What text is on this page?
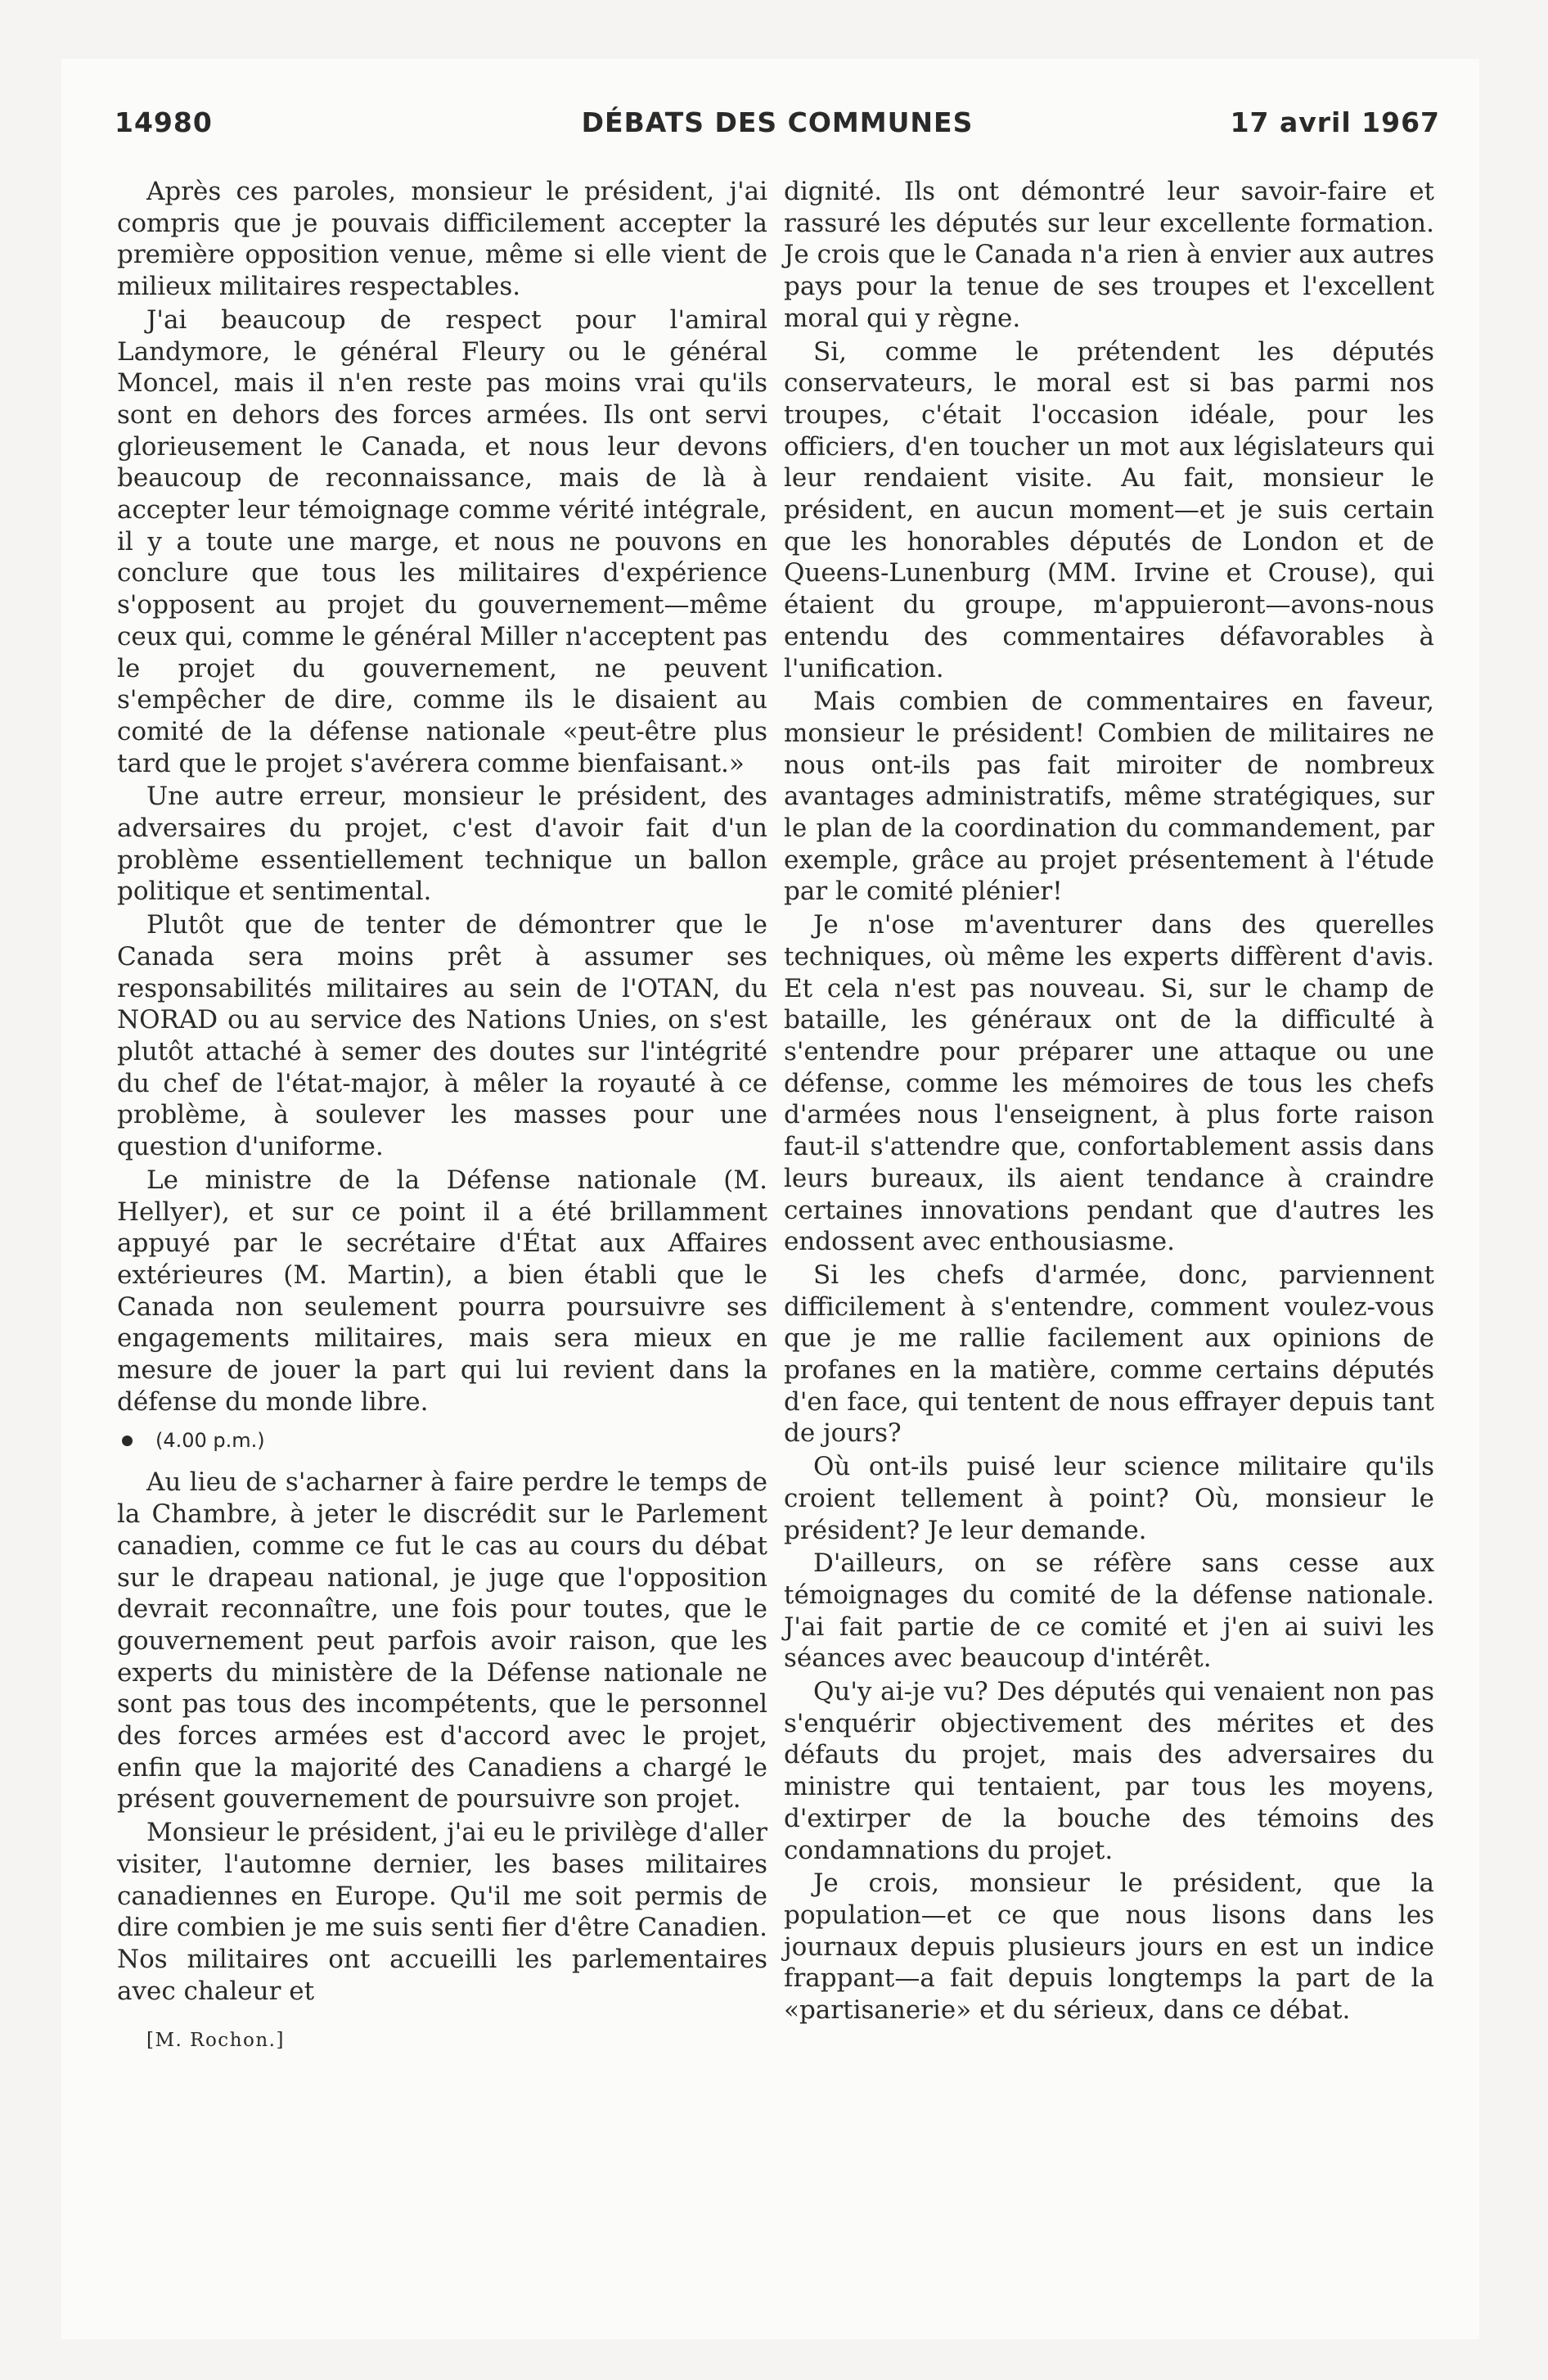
14980	DÉBATS DES COMMUNES	17 avril 1967

Après ces paroles, monsieur le président, j'ai compris que je pouvais difficilement accepter la première opposition venue, même si elle vient de milieux militaires respectables.

J'ai beaucoup de respect pour l'amiral Landymore, le général Fleury ou le général Moncel, mais il n'en reste pas moins vrai qu'ils sont en dehors des forces armées. Ils ont servi glorieusement le Canada, et nous leur devons beaucoup de reconnaissance, mais de là à accepter leur témoignage comme vérité intégrale, il y a toute une marge, et nous ne pouvons en conclure que tous les militaires d'expérience s'opposent au projet du gouvernement—même ceux qui, comme le général Miller n'acceptent pas le projet du gouvernement, ne peuvent s'empêcher de dire, comme ils le disaient au comité de la défense nationale «peut-être plus tard que le projet s'avérera comme bienfaisant.»

Une autre erreur, monsieur le président, des adversaires du projet, c'est d'avoir fait d'un problème essentiellement technique un ballon politique et sentimental.

Plutôt que de tenter de démontrer que le Canada sera moins prêt à assumer ses responsabilités militaires au sein de l'OTAN, du NORAD ou au service des Nations Unies, on s'est plutôt attaché à semer des doutes sur l'intégrité du chef de l'état-major, à mêler la royauté à ce problème, à soulever les masses pour une question d'uniforme.

Le ministre de la Défense nationale (M. Hellyer), et sur ce point il a été brillamment appuyé par le secrétaire d'État aux Affaires extérieures (M. Martin), a bien établi que le Canada non seulement pourra poursuivre ses engagements militaires, mais sera mieux en mesure de jouer la part qui lui revient dans la défense du monde libre.

(4.00 p.m.)

Au lieu de s'acharner à faire perdre le temps de la Chambre, à jeter le discrédit sur le Parlement canadien, comme ce fut le cas au cours du débat sur le drapeau national, je juge que l'opposition devrait reconnaître, une fois pour toutes, que le gouvernement peut parfois avoir raison, que les experts du ministère de la Défense nationale ne sont pas tous des incompétents, que le personnel des forces armées est d'accord avec le projet, enfin que la majorité des Canadiens a chargé le présent gouvernement de poursuivre son projet.

Monsieur le président, j'ai eu le privilège d'aller visiter, l'automne dernier, les bases militaires canadiennes en Europe. Qu'il me soit permis de dire combien je me suis senti fier d'être Canadien. Nos militaires ont accueilli les parlementaires avec chaleur et

[M. Rochon.]

dignité. Ils ont démontré leur savoir-faire et rassuré les députés sur leur excellente formation. Je crois que le Canada n'a rien à envier aux autres pays pour la tenue de ses troupes et l'excellent moral qui y règne.

Si, comme le prétendent les députés conservateurs, le moral est si bas parmi nos troupes, c'était l'occasion idéale, pour les officiers, d'en toucher un mot aux législateurs qui leur rendaient visite. Au fait, monsieur le président, en aucun moment—et je suis certain que les honorables députés de London et de Queens-Lunenburg (MM. Irvine et Crouse), qui étaient du groupe, m'appuieront—avons-nous entendu des commentaires défavorables à l'unification.

Mais combien de commentaires en faveur, monsieur le président! Combien de militaires ne nous ont-ils pas fait miroiter de nombreux avantages administratifs, même stratégiques, sur le plan de la coordination du commandement, par exemple, grâce au projet présentement à l'étude par le comité plénier!

Je n'ose m'aventurer dans des querelles techniques, où même les experts diffèrent d'avis. Et cela n'est pas nouveau. Si, sur le champ de bataille, les généraux ont de la difficulté à s'entendre pour préparer une attaque ou une défense, comme les mémoires de tous les chefs d'armées nous l'enseignent, à plus forte raison faut-il s'attendre que, confortablement assis dans leurs bureaux, ils aient tendance à craindre certaines innovations pendant que d'autres les endossent avec enthousiasme.

Si les chefs d'armée, donc, parviennent difficilement à s'entendre, comment voulez-vous que je me rallie facilement aux opinions de profanes en la matière, comme certains députés d'en face, qui tentent de nous effrayer depuis tant de jours?

Où ont-ils puisé leur science militaire qu'ils croient tellement à point? Où, monsieur le président? Je leur demande.

D'ailleurs, on se réfère sans cesse aux témoignages du comité de la défense nationale. J'ai fait partie de ce comité et j'en ai suivi les séances avec beaucoup d'intérêt.

Qu'y ai-je vu? Des députés qui venaient non pas s'enquérir objectivement des mérites et des défauts du projet, mais des adversaires du ministre qui tentaient, par tous les moyens, d'extirper de la bouche des témoins des condamnations du projet.

Je crois, monsieur le président, que la population—et ce que nous lisons dans les journaux depuis plusieurs jours en est un indice frappant—a fait depuis longtemps la part de la «partisanerie» et du sérieux, dans ce débat.
